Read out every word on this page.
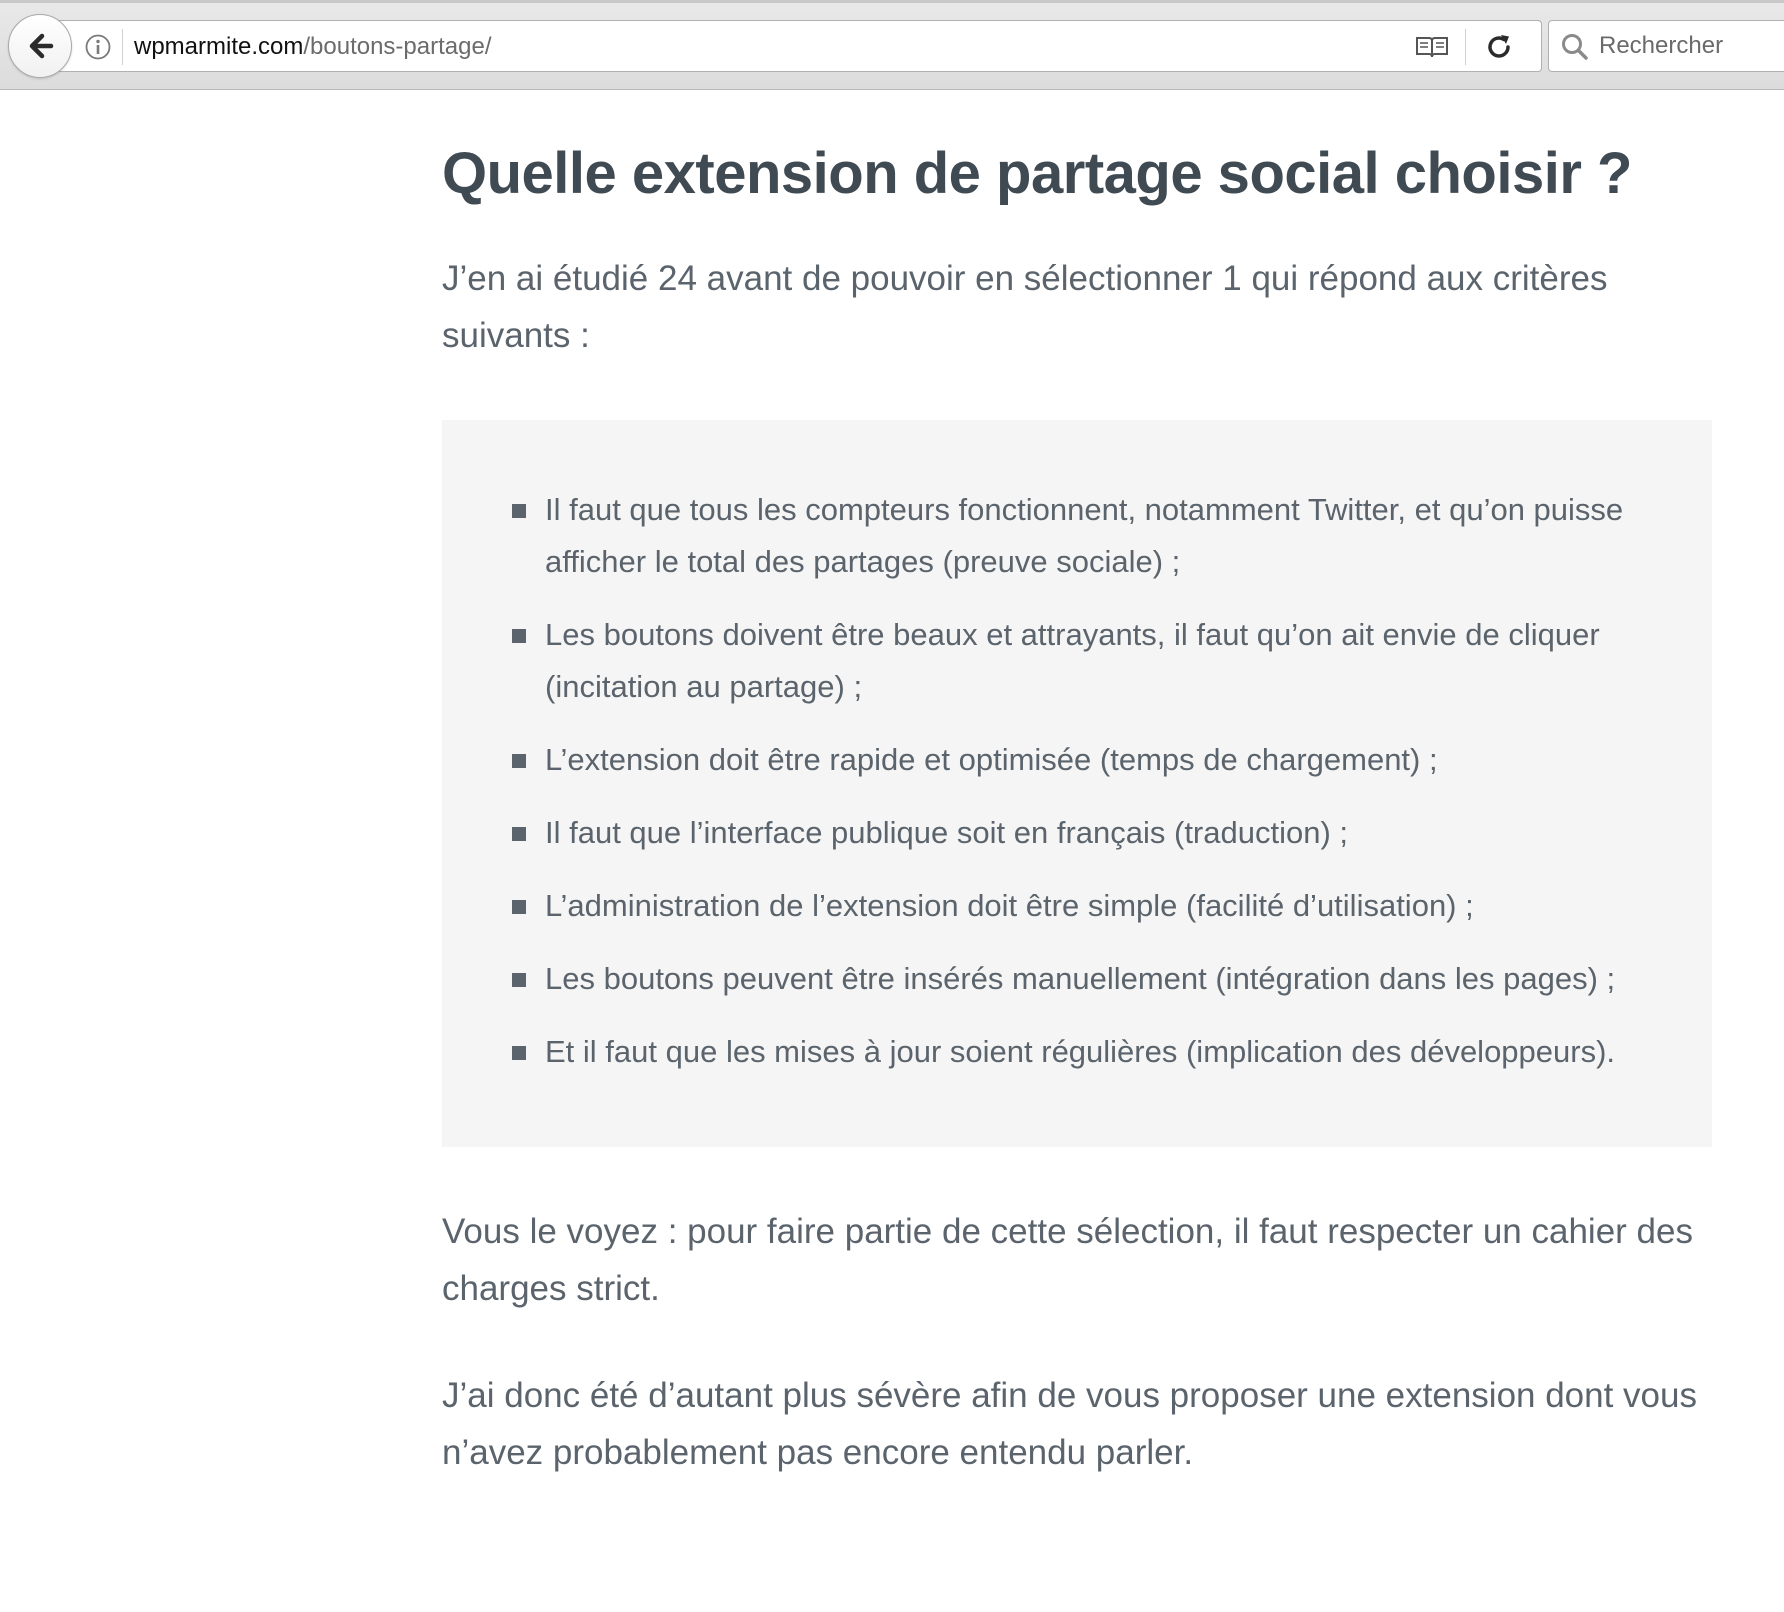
wpmarmite.com/boutons-partage/
Rechercher
Quelle extension de partage social choisir ?

J’en ai étudié 24 avant de pouvoir en sélectionner 1 qui répond aux critères suivants :

Il faut que tous les compteurs fonctionnent, notamment Twitter, et qu’on puisse afficher le total des partages (preuve sociale) ;
Les boutons doivent être beaux et attrayants, il faut qu’on ait envie de cliquer (incitation au partage) ;
L’extension doit être rapide et optimisée (temps de chargement) ;
Il faut que l’interface publique soit en français (traduction) ;
L’administration de l’extension doit être simple (facilité d’utilisation) ;
Les boutons peuvent être insérés manuellement (intégration dans les pages) ;
Et il faut que les mises à jour soient régulières (implication des développeurs).

Vous le voyez : pour faire partie de cette sélection, il faut respecter un cahier des charges strict.

J’ai donc été d’autant plus sévère afin de vous proposer une extension dont vous n’avez probablement pas encore entendu parler.
